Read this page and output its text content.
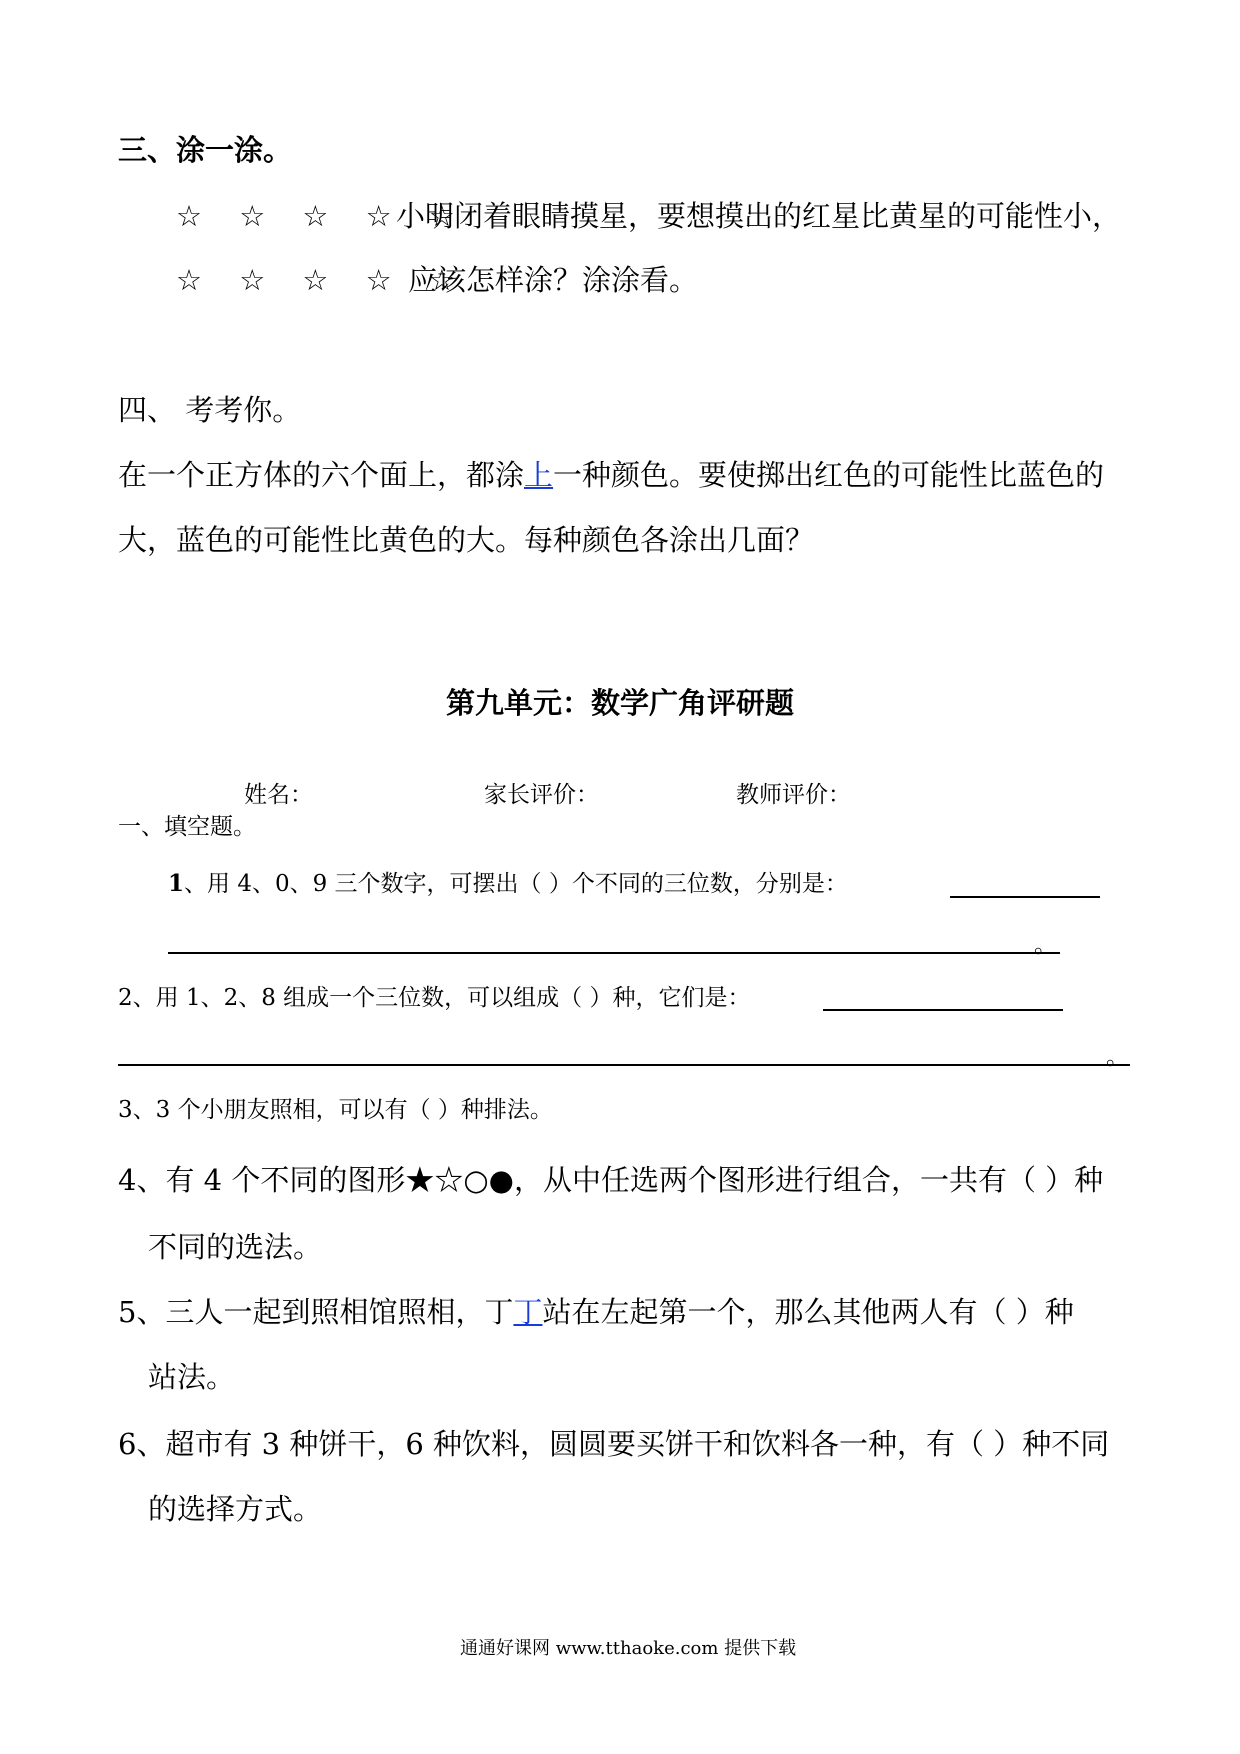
三、涂一涂。
☆ ☆ ☆ ☆ ☆
小明闭着眼睛摸星，要想摸出的红星比黄星的可能性小，
☆ ☆ ☆ ☆ ☆
应该怎样涂？涂涂看。
四、 考考你。
在一个正方体的六个面上，都涂上一种颜色。要使掷出红色的可能性比蓝色的
大，蓝色的可能性比黄色的大。每种颜色各涂出几面？
第九单元：数学广角评研题
姓名：	家长评价：	教师评价：
一、填空题。
1、用 4、0、9 三个数字，可摆出（ ）个不同的三位数，分别是：
。
2、用 1、2、8 组成一个三位数，可以组成（ ）种，它们是：
。
3、3 个小朋友照相，可以有（ ）种排法。
4、有 4 个不同的图形★☆○●，从中任选两个图形进行组合，一共有（ ）种
不同的选法。
5、三人一起到照相馆照相，丁丁站在左起第一个，那么其他两人有（ ）种
站法。
6、超市有 3 种饼干，6 种饮料，圆圆要买饼干和饮料各一种，有（ ）种不同
的选择方式。
通通好课网 www.tthaoke.com 提供下载
